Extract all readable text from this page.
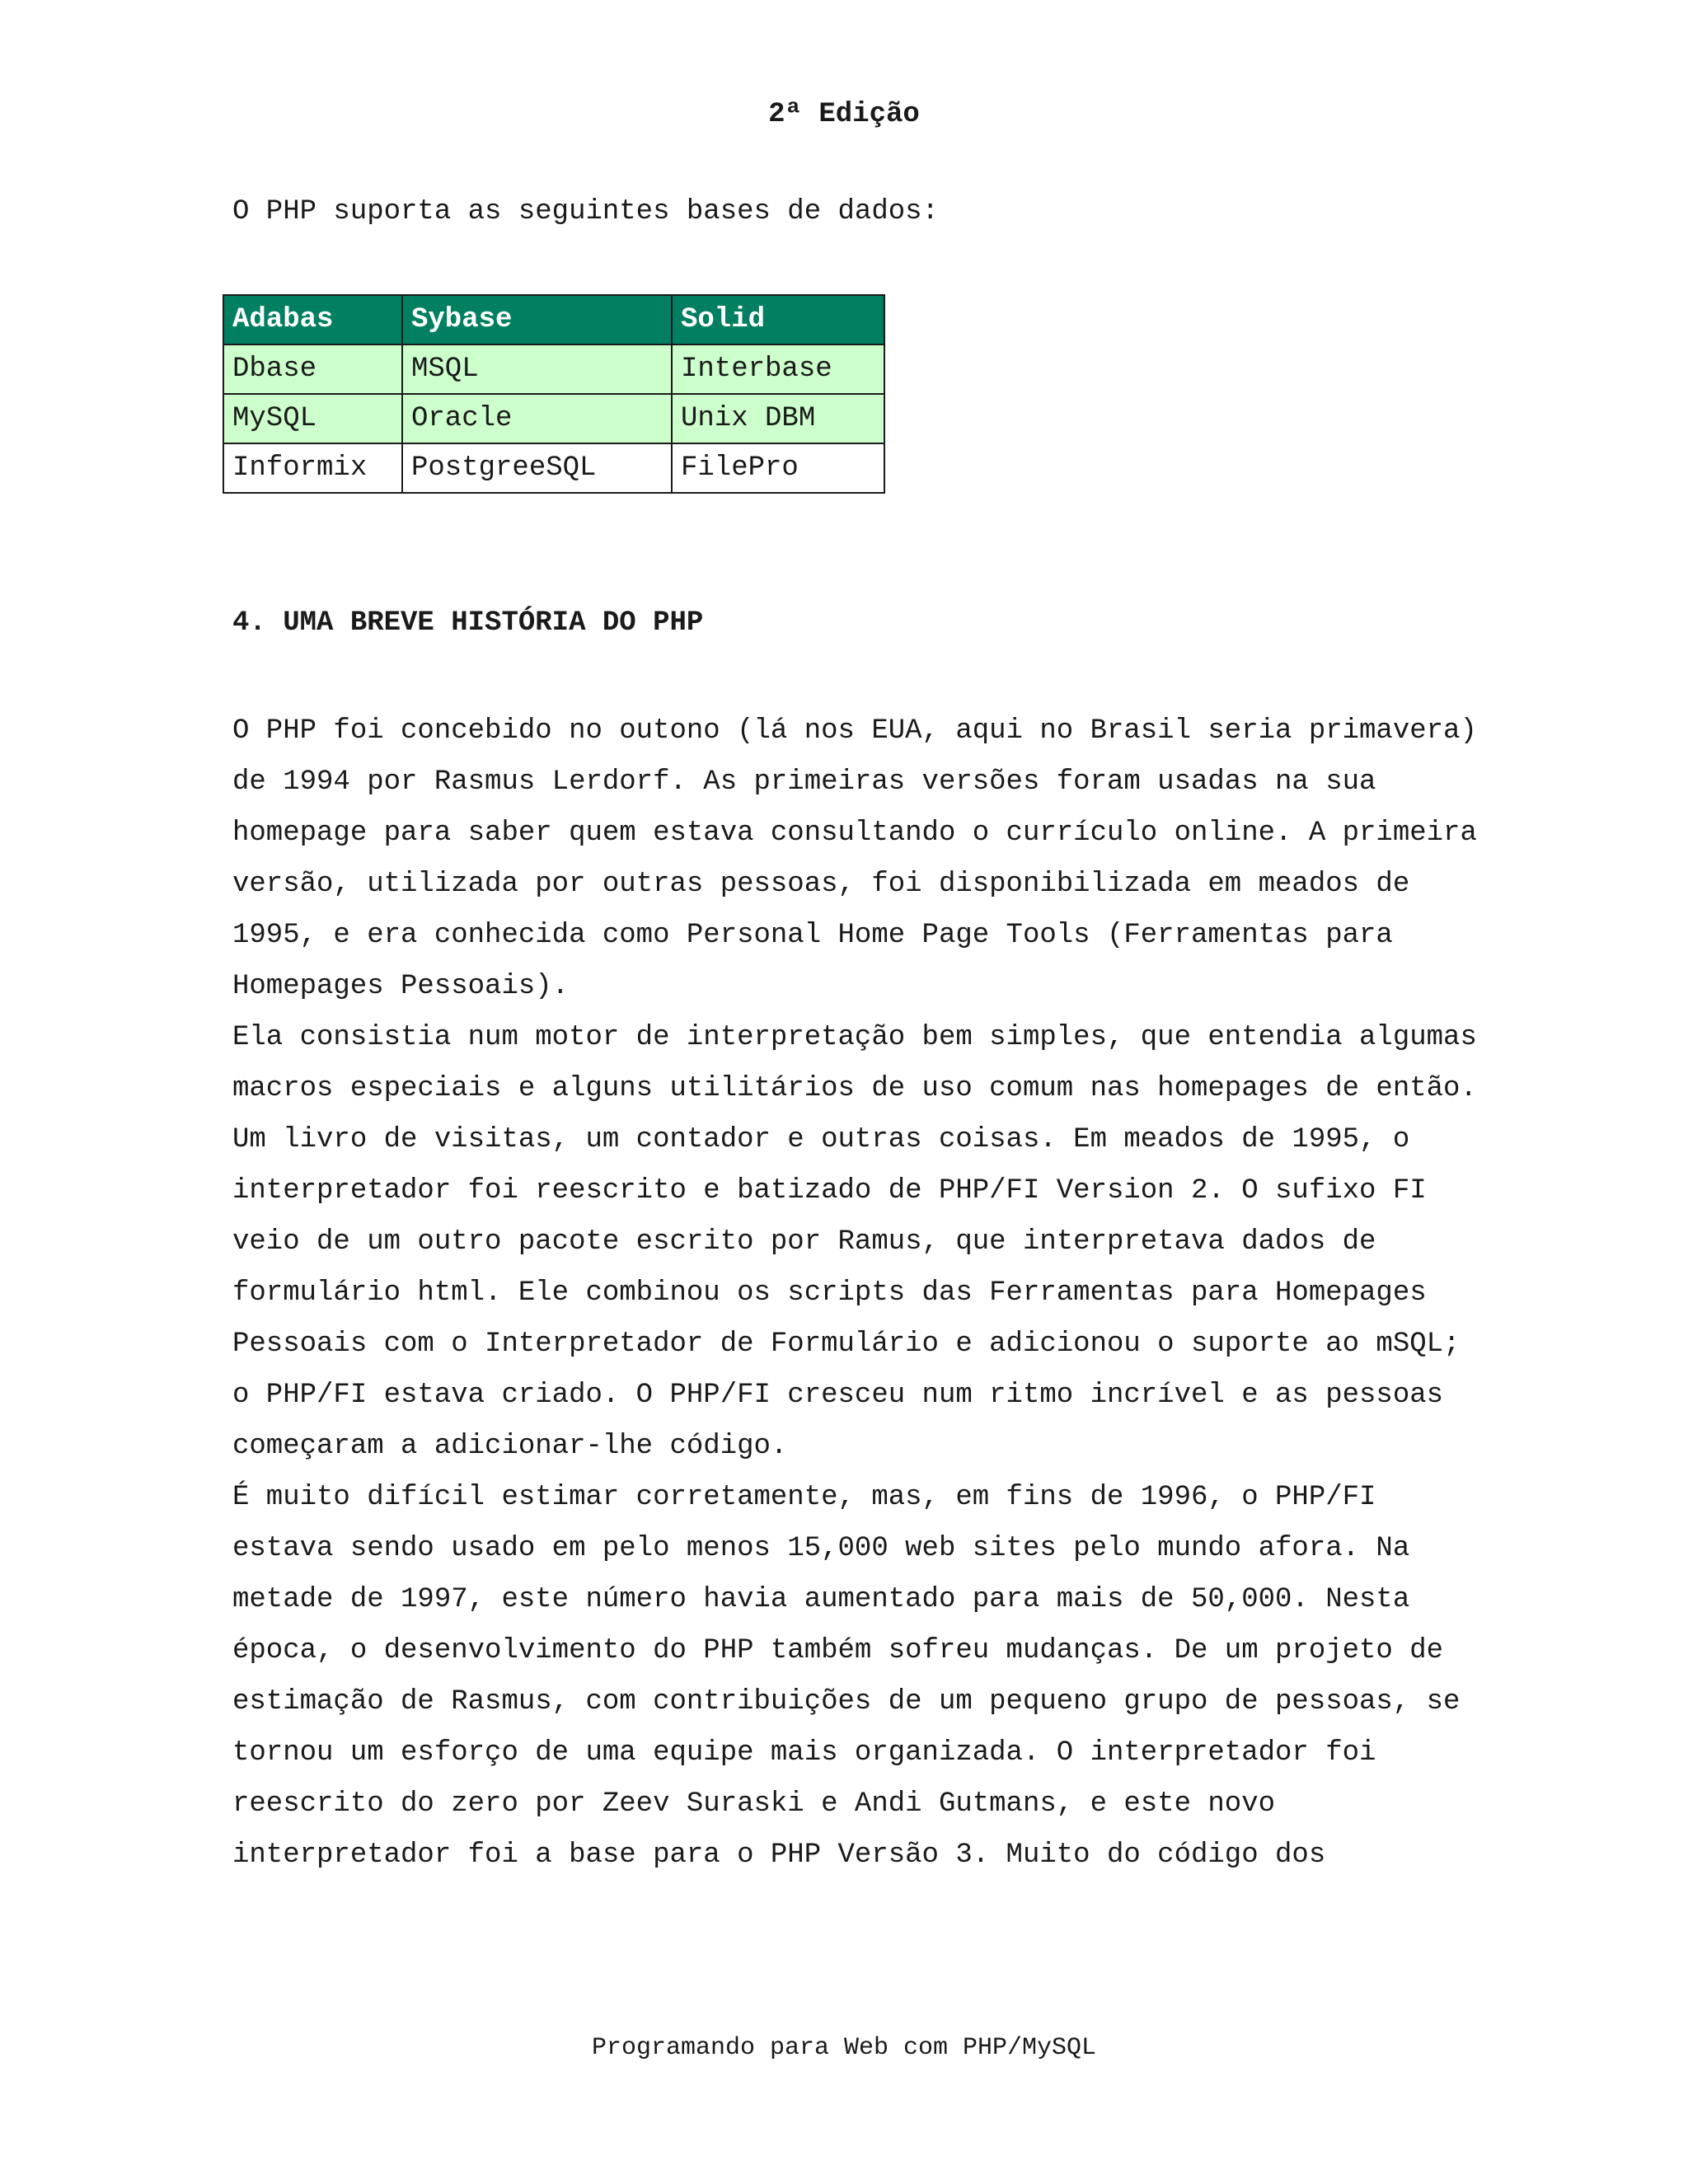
2ª Edição
O PHP suporta as seguintes bases de dados:
Adabas	Sybase	Solid
Dbase	MSQL	Interbase
MySQL	Oracle	Unix DBM
Informix	PostgreeSQL	FilePro
4. UMA BREVE HISTÓRIA DO PHP
O PHP foi concebido no outono (lá nos EUA, aqui no Brasil seria primavera)
de 1994 por Rasmus Lerdorf. As primeiras versões foram usadas na sua
homepage para saber quem estava consultando o currículo online. A primeira
versão, utilizada por outras pessoas, foi disponibilizada em meados de
1995, e era conhecida como Personal Home Page Tools (Ferramentas para
Homepages Pessoais).
Ela consistia num motor de interpretação bem simples, que entendia algumas
macros especiais e alguns utilitários de uso comum nas homepages de então.
Um livro de visitas, um contador e outras coisas. Em meados de 1995, o
interpretador foi reescrito e batizado de PHP/FI Version 2. O sufixo FI
veio de um outro pacote escrito por Ramus, que interpretava dados de
formulário html. Ele combinou os scripts das Ferramentas para Homepages
Pessoais com o Interpretador de Formulário e adicionou o suporte ao mSQL;
o PHP/FI estava criado. O PHP/FI cresceu num ritmo incrível e as pessoas
começaram a adicionar-lhe código.
É muito difícil estimar corretamente, mas, em fins de 1996, o PHP/FI
estava sendo usado em pelo menos 15,000 web sites pelo mundo afora. Na
metade de 1997, este número havia aumentado para mais de 50,000. Nesta
época, o desenvolvimento do PHP também sofreu mudanças. De um projeto de
estimação de Rasmus, com contribuições de um pequeno grupo de pessoas, se
tornou um esforço de uma equipe mais organizada. O interpretador foi
reescrito do zero por Zeev Suraski e Andi Gutmans, e este novo
interpretador foi a base para o PHP Versão 3. Muito do código dos
Programando para Web com PHP/MySQL
